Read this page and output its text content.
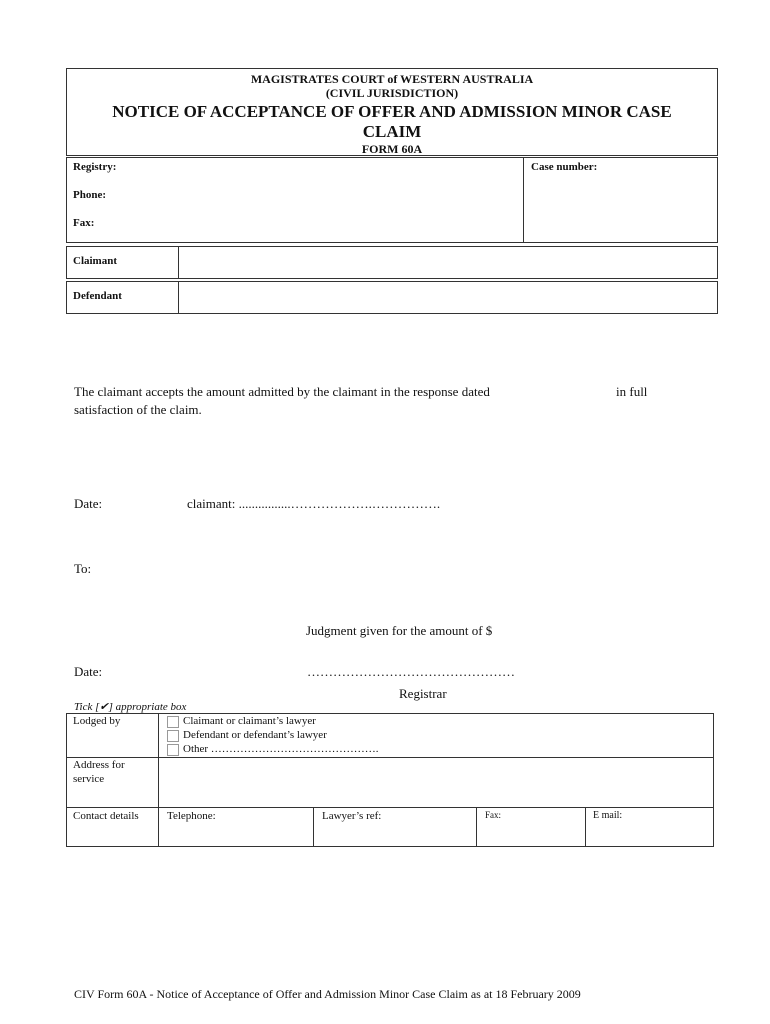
MAGISTRATES COURT of WESTERN AUSTRALIA
(CIVIL JURISDICTION)
NOTICE OF ACCEPTANCE OF OFFER AND ADMISSION MINOR CASE CLAIM
FORM 60A
Registry:
Phone:
Fax:
Case number:
Claimant
Defendant
The claimant accepts the amount admitted by the claimant in the response dated	in full
satisfaction of the claim.
Date:	claimant: ................……………….…………….
To:
Judgment given for the amount of $
Date:	…………………………………………
Registrar
Tick [✔] appropriate box
Lodged by	Claimant or claimant’s lawyer
Defendant or defendant’s lawyer
Other ……………………………………….
Address for service
Contact details	Telephone:	Lawyer’s ref:	Fax:	E mail:
CIV Form 60A - Notice of Acceptance of Offer and Admission Minor Case Claim as at 18 February 2009
